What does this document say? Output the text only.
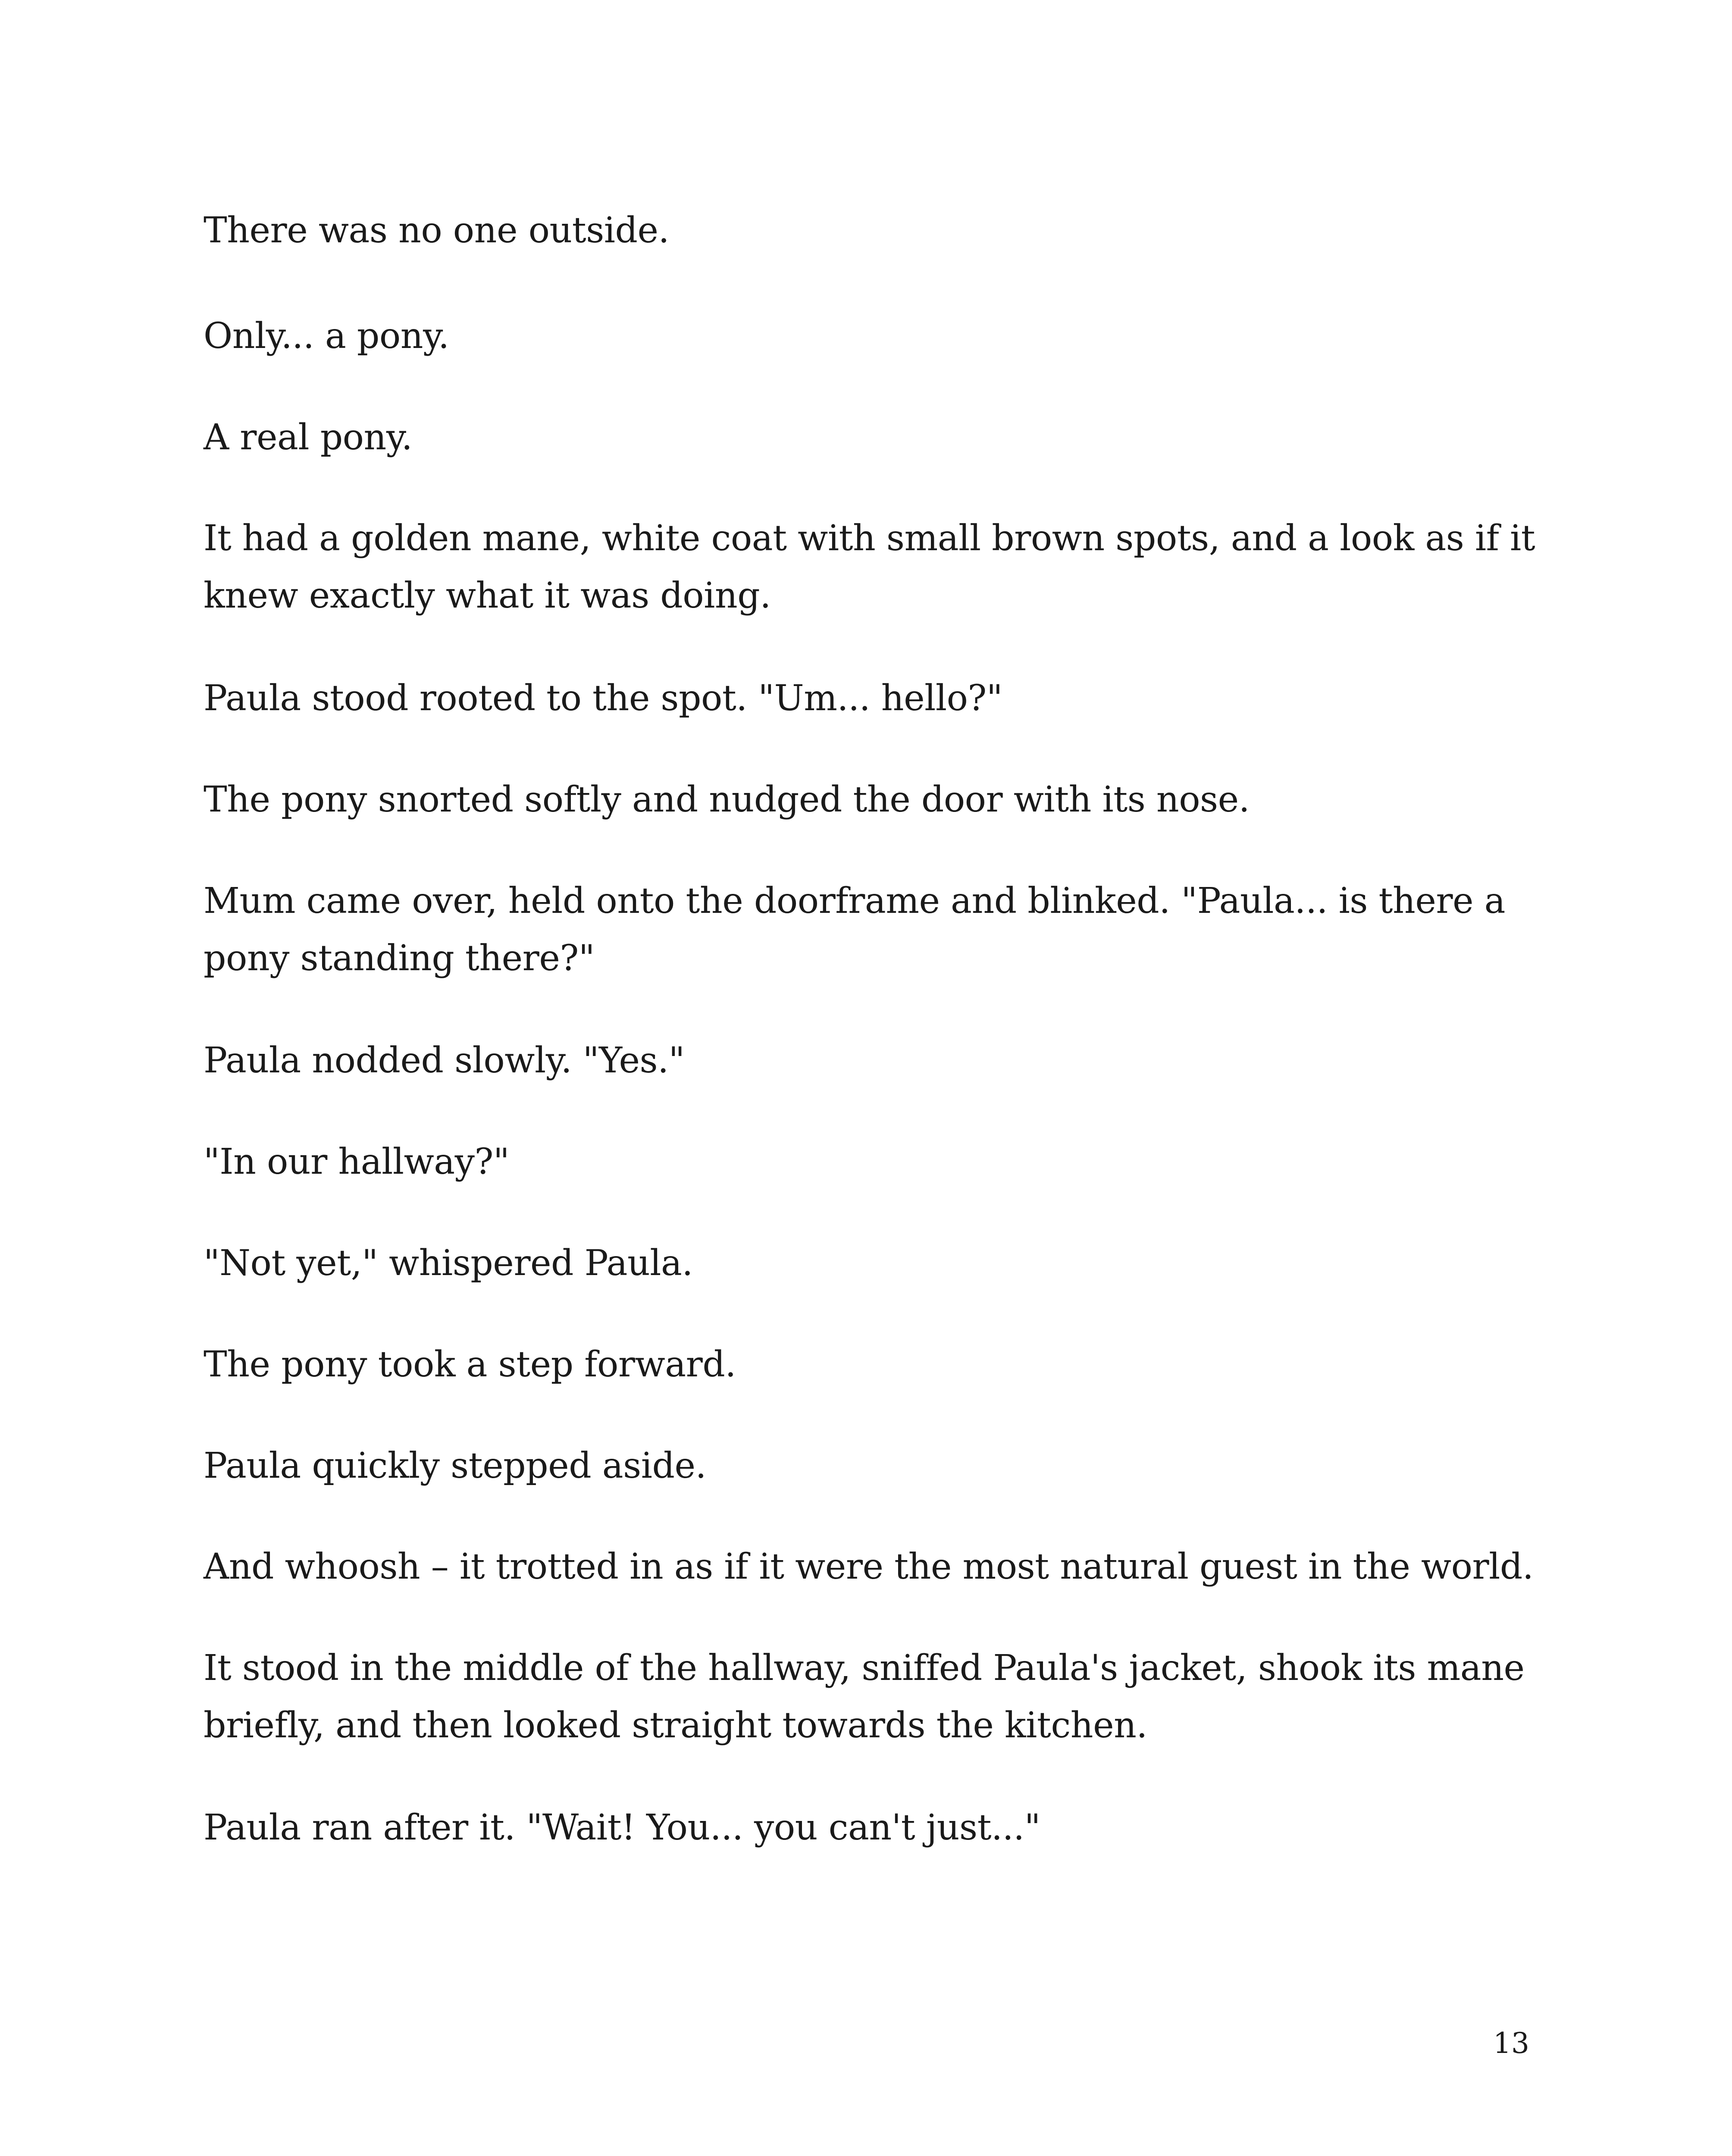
There was no one outside.

Only... a pony.

A real pony.

It had a golden mane, white coat with small brown spots, and a look as if it knew exactly what it was doing.

Paula stood rooted to the spot. "Um... hello?"

The pony snorted softly and nudged the door with its nose.

Mum came over, held onto the doorframe and blinked. "Paula... is there a pony standing there?"

Paula nodded slowly. "Yes."

"In our hallway?"

"Not yet," whispered Paula.

The pony took a step forward.

Paula quickly stepped aside.

And whoosh – it trotted in as if it were the most natural guest in the world.

It stood in the middle of the hallway, sniffed Paula's jacket, shook its mane briefly, and then looked straight towards the kitchen.

Paula ran after it. "Wait! You... you can't just..."

13
